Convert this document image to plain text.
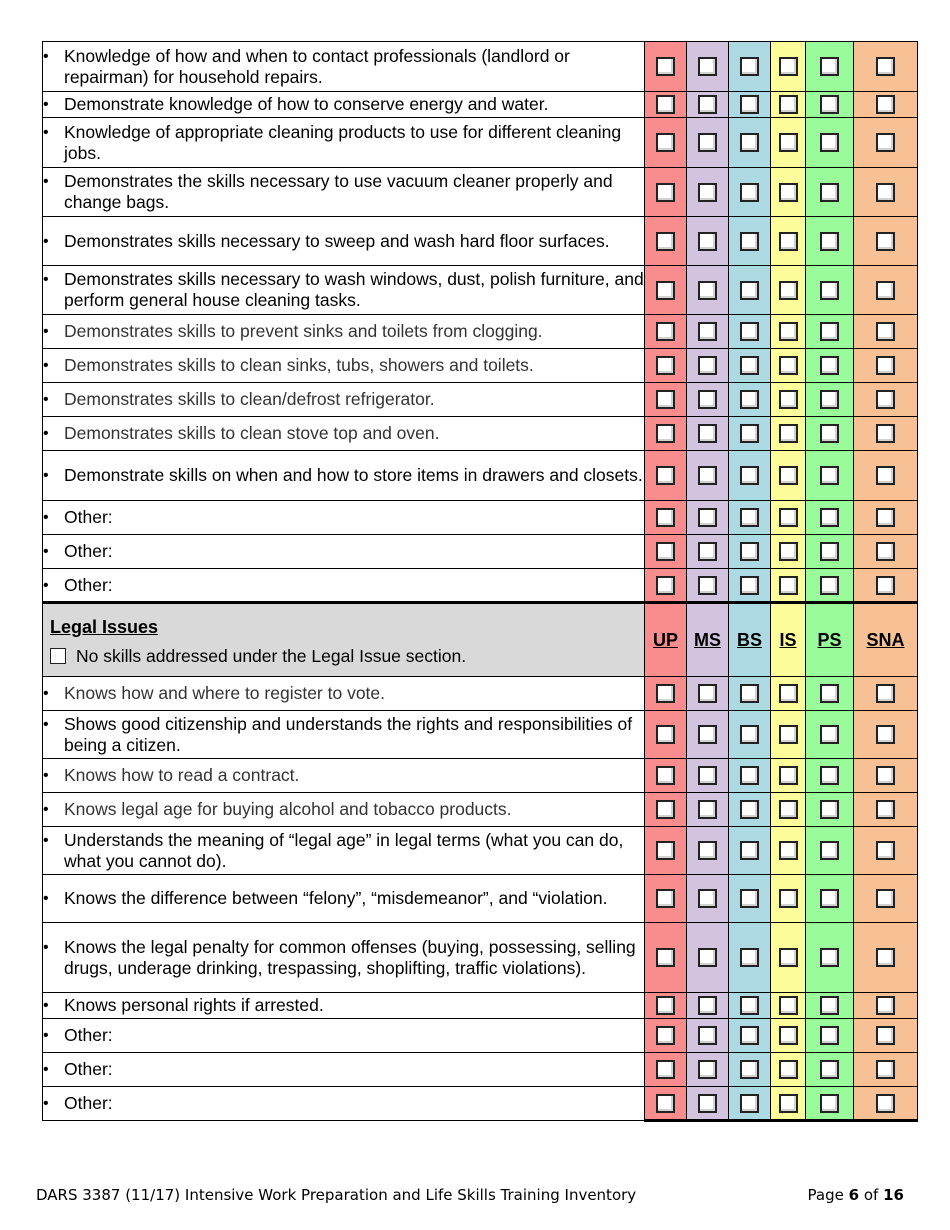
• Knowledge of how and when to contact professionals (landlord or repairman) for household repairs.						

• Demonstrate knowledge of how to conserve energy and water.						

• Knowledge of appropriate cleaning products to use for different cleaning jobs.						

• Demonstrates the skills necessary to use vacuum cleaner properly and change bags.						

• Demonstrates skills necessary to sweep and wash hard floor surfaces.						

• Demonstrates skills necessary to wash windows, dust, polish furniture, and perform general house cleaning tasks.						

• Demonstrates skills to prevent sinks and toilets from clogging.						

• Demonstrates skills to clean sinks, tubs, showers and toilets.						

• Demonstrates skills to clean/defrost refrigerator.						

• Demonstrates skills to clean stove top and oven.						

• Demonstrate skills on when and how to store items in drawers and closets.						

• Other:						

• Other:						

• Other:						

Legal Issues
No skills addressed under the Legal Issue section.	UP	MS	BS	IS	PS	SNA

• Knows how and where to register to vote.						

• Shows good citizenship and understands the rights and responsibilities of being a citizen.						

• Knows how to read a contract.						

• Knows legal age for buying alcohol and tobacco products.						

• Understands the meaning of “legal age” in legal terms (what you can do, what you cannot do).						

• Knows the difference between “felony”, “misdemeanor”, and “violation.						

• Knows the legal penalty for common offenses (buying, possessing, selling drugs, underage drinking, trespassing, shoplifting, traffic violations).						

• Knows personal rights if arrested.						

• Other:						

• Other:						

• Other:						

DARS 3387 (11/17) Intensive Work Preparation and Life Skills Training Inventory	Page 6 of 16
